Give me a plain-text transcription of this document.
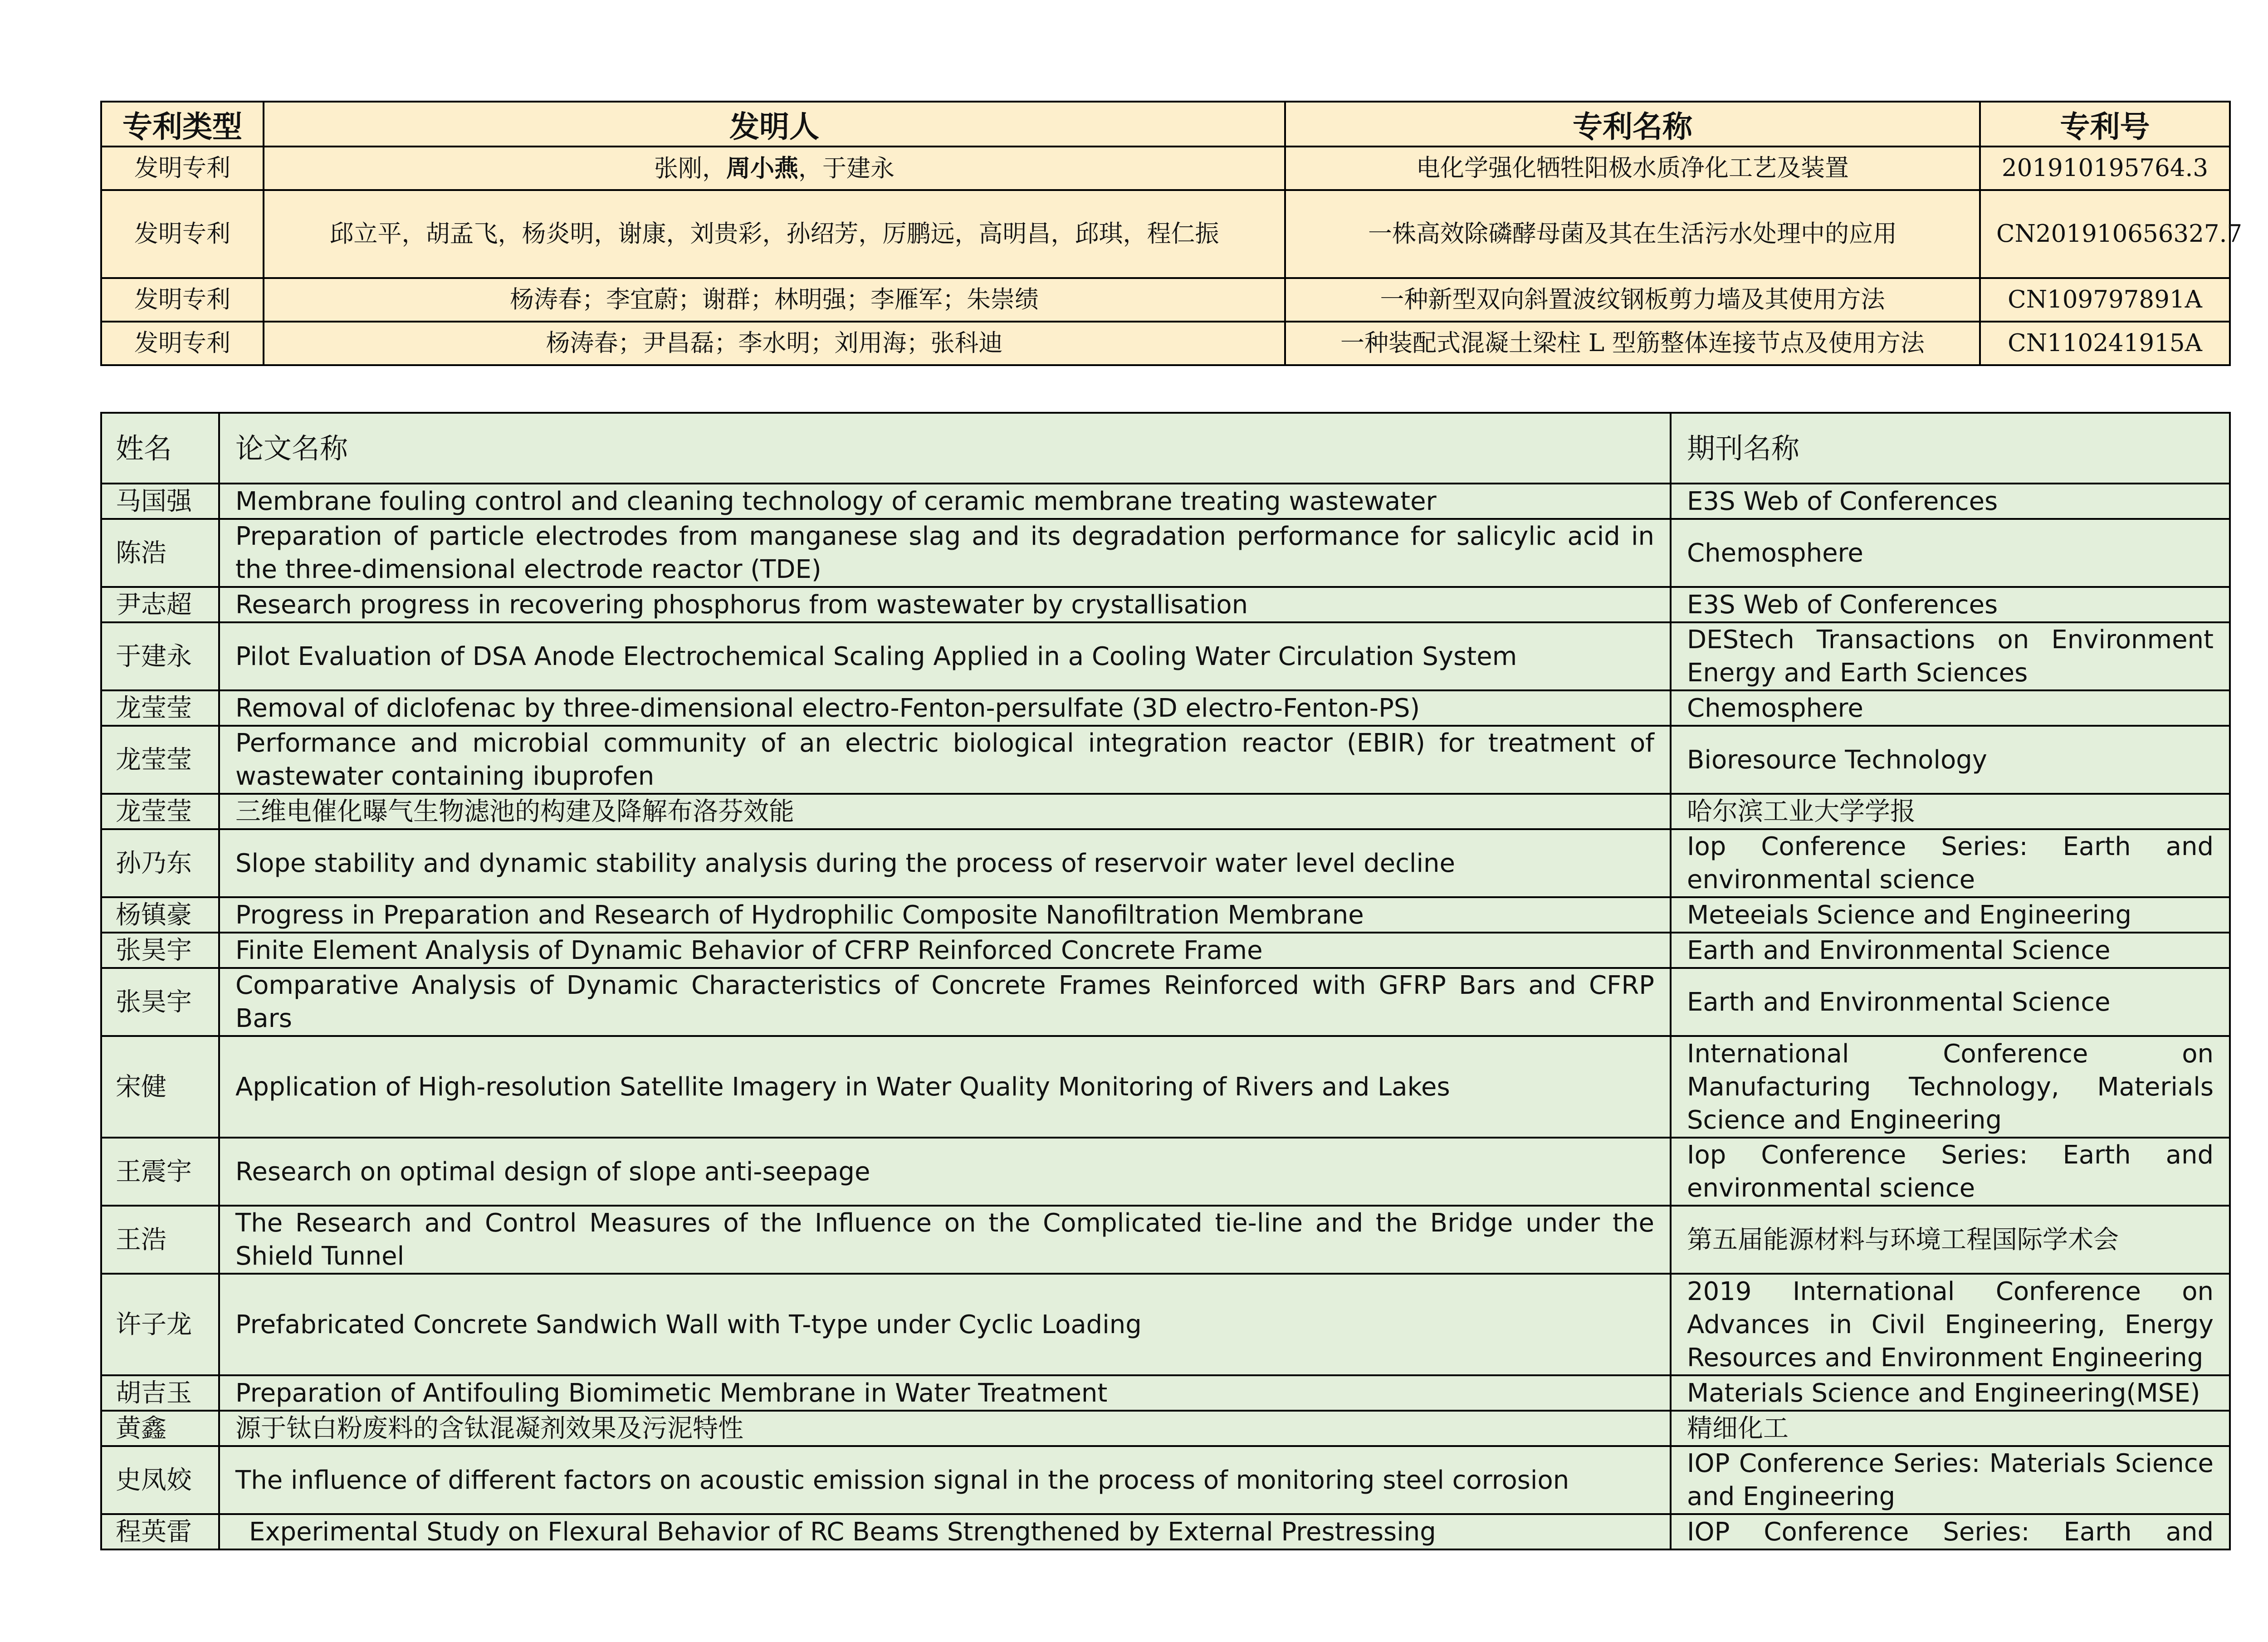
专利类型	发明人	专利名称	专利号
发明专利	张刚，周小燕，于建永	电化学强化牺牲阳极水质净化工艺及装置	201910195764.3
发明专利	邱立平，胡孟飞，杨炎明，谢康，刘贵彩，孙绍芳，厉鹏远，高明昌，邱琪，程仁振	一株高效除磷酵母菌及其在生活污水处理中的应用	CN201910656327.7
发明专利	杨涛春；李宜蔚；谢群；林明强；李雁军；朱崇绩	一种新型双向斜置波纹钢板剪力墙及其使用方法	CN109797891A
发明专利	杨涛春；尹昌磊；李水明；刘用海；张科迪	一种装配式混凝土梁柱 L 型筋整体连接节点及使用方法	CN110241915A
姓名	论文名称	期刊名称
马国强	Membrane fouling control and cleaning technology of ceramic membrane treating wastewater	E3S Web of Conferences
陈浩	Preparation of particle electrodes from manganese slag and its degradation performance for salicylic acid in the three-dimensional electrode reactor (TDE)	Chemosphere
尹志超	Research progress in recovering phosphorus from wastewater by crystallisation	E3S Web of Conferences
于建永	Pilot Evaluation of DSA Anode Electrochemical Scaling Applied in a Cooling Water Circulation System	DEStech Transactions on Environment Energy and Earth Sciences
龙莹莹	Removal of diclofenac by three-dimensional electro-Fenton-persulfate (3D electro-Fenton-PS)	Chemosphere
龙莹莹	Performance and microbial community of an electric biological integration reactor (EBIR) for treatment of wastewater containing ibuprofen	Bioresource Technology
龙莹莹	三维电催化曝气生物滤池的构建及降解布洛芬效能	哈尔滨工业大学学报
孙乃东	Slope stability and dynamic stability analysis during the process of reservoir water level decline	Iop Conference Series: Earth and environmental science
杨镇豪	Progress in Preparation and Research of Hydrophilic Composite Nanofiltration Membrane	Meteeials Science and Engineering
张昊宇	Finite Element Analysis of Dynamic Behavior of CFRP Reinforced Concrete Frame	Earth and Environmental Science
张昊宇	Comparative Analysis of Dynamic Characteristics of Concrete Frames Reinforced with GFRP Bars and CFRP Bars	Earth and Environmental Science
宋健	Application of High-resolution Satellite Imagery in Water Quality Monitoring of Rivers and Lakes	International Conference on Manufacturing Technology, Materials Science and Engineering
王震宇	Research on optimal design of slope anti-seepage	Iop Conference Series: Earth and environmental science
王浩	The Research and Control Measures of the Influence on the Complicated tie-line and the Bridge under the Shield Tunnel	第五届能源材料与环境工程国际学术会
许子龙	Prefabricated Concrete Sandwich Wall with T-type under Cyclic Loading	2019 International Conference on Advances in Civil Engineering, Energy Resources and Environment Engineering
胡吉玉	Preparation of Antifouling Biomimetic Membrane in Water Treatment	Materials Science and Engineering(MSE)
黄鑫	源于钛白粉废料的含钛混凝剂效果及污泥特性	精细化工
史凤姣	The influence of different factors on acoustic emission signal in the process of monitoring steel corrosion	IOP Conference Series: Materials Science and Engineering
程英雷	Experimental Study on Flexural Behavior of RC Beams Strengthened by External Prestressing	IOP Conference Series: Earth and
